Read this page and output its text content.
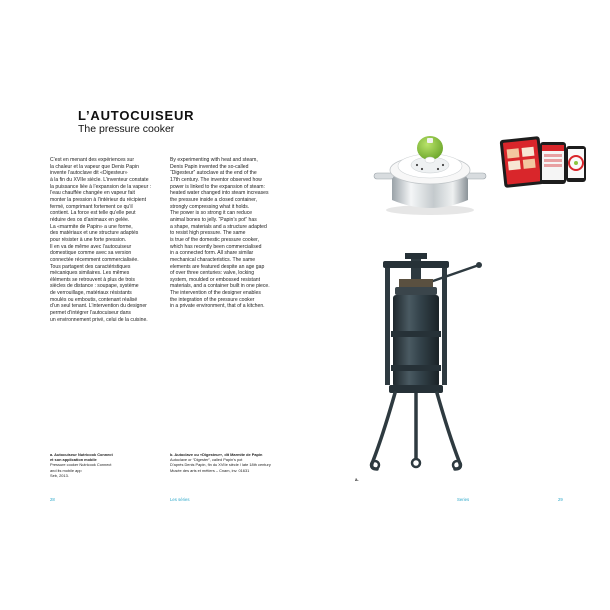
L’AUTOCUISEUR
The pressure cooker
C’est en menant des expériences sur
la chaleur et la vapeur que Denis Papin
invente l’autoclave dit «Digesteur»
à la fin du XVIIe siècle. L’inventeur constate
la puissance liée à l’expansion de la vapeur :
l’eau chauffée changée en vapeur fait
monter la pression à l’intérieur du récipient
fermé, comprimant fortement ce qu’il
contient. La force est telle qu’elle peut
réduire des os d’animaux en gelée.
La «marmite de Papin» a une forme,
des matériaux et une structure adaptés
pour résister à une forte pression.
Il en va de même avec l’autocuiseur
domestique comme avec sa version
connectée récemment commercialisée.
Tous partagent des caractéristiques
mécaniques similaires. Les mêmes
éléments se retrouvent à plus de trois
siècles de distance : soupape, système
de verrouillage, matériaux résistants
moulés ou emboutis, contenant réalisé
d’un seul tenant. L’intervention du designer
permet d’intégrer l’autocuiseur dans
un environnement privé, celui de la cuisine.
By experimenting with heat and steam,
Denis Papin invented the so-called
“Digesteur” autoclave at the end of the
17th century. The inventor observed how
power is linked to the expansion of steam:
heated water changed into steam increases
the pressure inside a closed container,
strongly compressing what it holds.
The power is so strong it can reduce
animal bones to jelly. “Papin’s pot” has
a shape, materials and a structure adapted
to resist high pressure. The same
is true of the domestic pressure cooker,
which has recently been commercialised
in a connected form. All share similar
mechanical characteristics. The same
elements are featured despite an age gap
of over three centuries: valve, locking
system, moulded or embossed resistant
materials, and a container built in one piece.
The intervention of the designer enables
the integration of the pressure cooker
in a private environment, that of a kitchen.
a. Autocuiseur Nutricook Connect
et son application mobile
Pressure cooker Nutricook Connect
and its mobile app
Seb, 2013.
b. Autoclave ou «Digesteur», dit Marmite de Papin
Autoclave or “Digester”, called Papin’s pot
D’après Denis Papin, fin du XVIIe siècle / late 18th century
Musée des arts et métiers – Cnam, inv. 01631
a.
28	Les séries	Series	29
